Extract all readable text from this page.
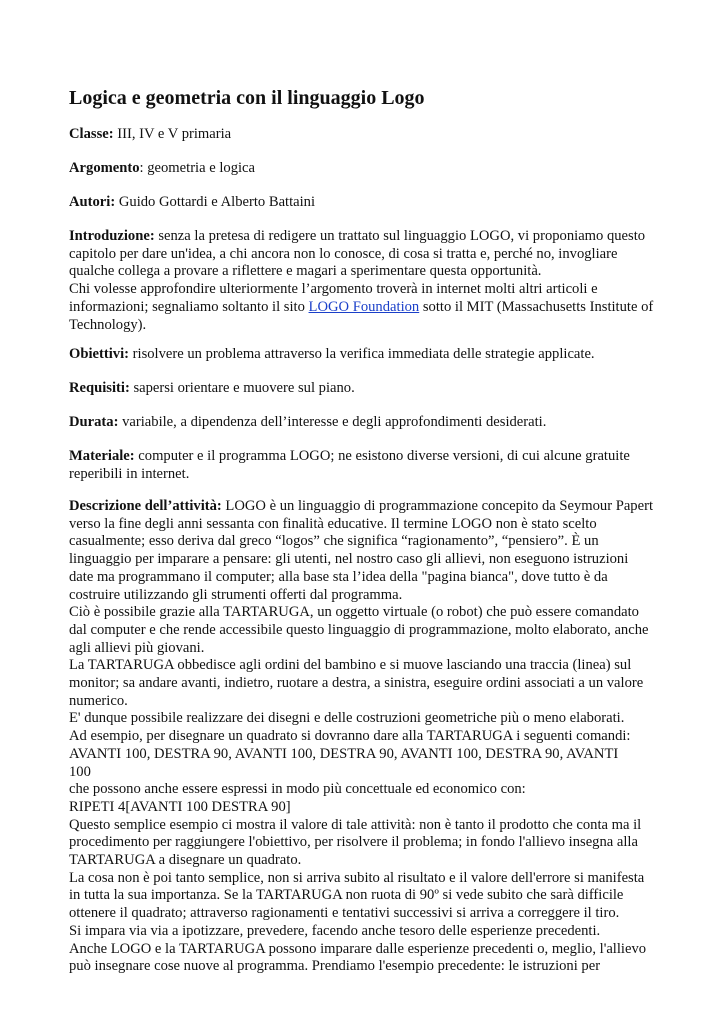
Logica e geometria con il linguaggio Logo

Classe: III, IV e V primaria

Argomento: geometria e logica

Autori: Guido Gottardi e Alberto Battaini

Introduzione: senza la pretesa di redigere un trattato sul linguaggio LOGO, vi proponiamo questo
capitolo per dare un'idea, a chi ancora non lo conosce, di cosa si tratta e, perché no, invogliare
qualche collega a provare a riflettere e magari a sperimentare questa opportunità.
Chi volesse approfondire ulteriormente l’argomento troverà in internet molti altri articoli e
informazioni; segnaliamo soltanto il sito LOGO Foundation sotto il MIT (Massachusetts Institute of
Technology).

Obiettivi: risolvere un problema attraverso la verifica immediata delle strategie applicate.

Requisiti: sapersi orientare e muovere sul piano.

Durata: variabile, a dipendenza dell’interesse e degli approfondimenti desiderati.

Materiale: computer e il programma LOGO; ne esistono diverse versioni, di cui alcune gratuite
reperibili in internet.
Descrizione dell’attività: LOGO è un linguaggio di programmazione concepito da Seymour Papert
verso la fine degli anni sessanta con finalità educative. Il termine LOGO non è stato scelto
casualmente; esso deriva dal greco “logos” che significa “ragionamento”, “pensiero”. È un
linguaggio per imparare a pensare: gli utenti, nel nostro caso gli allievi, non eseguono istruzioni
date ma programmano il computer; alla base sta l’idea della "pagina bianca", dove tutto è da
costruire utilizzando gli strumenti offerti dal programma.
Ciò è possibile grazie alla TARTARUGA, un oggetto virtuale (o robot) che può essere comandato
dal computer e che rende accessibile questo linguaggio di programmazione, molto elaborato, anche
agli allievi più giovani.
La TARTARUGA obbedisce agli ordini del bambino e si muove lasciando una traccia (linea) sul
monitor; sa andare avanti, indietro, ruotare a destra, a sinistra, eseguire ordini associati a un valore
numerico.
E' dunque possibile realizzare dei disegni e delle costruzioni geometriche più o meno elaborati.
Ad esempio, per disegnare un quadrato si dovranno dare alla TARTARUGA i seguenti comandi:
AVANTI 100, DESTRA 90, AVANTI 100, DESTRA 90, AVANTI 100, DESTRA 90, AVANTI
100
che possono anche essere espressi in modo più concettuale ed economico con:
RIPETI 4[AVANTI 100 DESTRA 90]
Questo semplice esempio ci mostra il valore di tale attività: non è tanto il prodotto che conta ma il
procedimento per raggiungere l'obiettivo, per risolvere il problema; in fondo l'allievo insegna alla
TARTARUGA a disegnare un quadrato.
La cosa non è poi tanto semplice, non si arriva subito al risultato e il valore dell'errore si manifesta
in tutta la sua importanza. Se la TARTARUGA non ruota di 90º si vede subito che sarà difficile
ottenere il quadrato; attraverso ragionamenti e tentativi successivi si arriva a correggere il tiro.
Si impara via via a ipotizzare, prevedere, facendo anche tesoro delle esperienze precedenti.
Anche LOGO e la TARTARUGA possono imparare dalle esperienze precedenti o, meglio, l'allievo
può insegnare cose nuove al programma. Prendiamo l'esempio precedente: le istruzioni per
